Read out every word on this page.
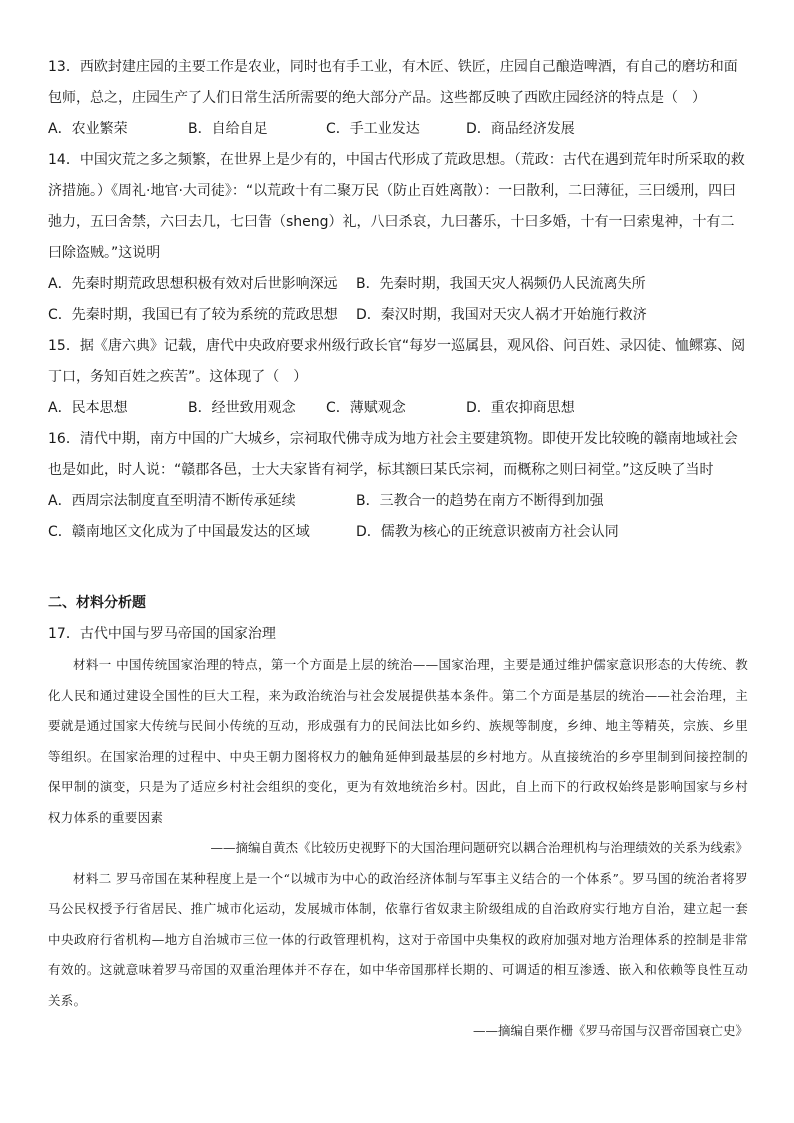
13．西欧封建庄园的主要工作是农业，同时也有手工业，有木匠、铁匠，庄园自己酿造啤酒，有自己的磨坊和面包师，总之，庄园生产了人们日常生活所需要的绝大部分产品。这些都反映了西欧庄园经济的特点是（　）

A．农业繁荣	B．自给自足	C．手工业发达	D．商品经济发展

14．中国灾荒之多之频繁，在世界上是少有的，中国古代形成了荒政思想。（荒政：古代在遇到荒年时所采取的救济措施。）《周礼·地官·大司徒》：“以荒政十有二聚万民（防止百姓离散）：一曰散利，二曰薄征，三曰缓刑，四曰弛力，五曰舍禁，六曰去几，七曰眚（sheng）礼，八曰杀哀，九曰蕃乐，十曰多婚，十有一曰索鬼神，十有二曰除盗贼。”这说明

A．先秦时期荒政思想积极有效对后世影响深远	B．先秦时期，我国天灾人祸频仍人民流离失所
C．先秦时期，我国已有了较为系统的荒政思想	D．秦汉时期，我国对天灾人祸才开始施行救济

15．据《唐六典》记载，唐代中央政府要求州级行政长官“每岁一巡属县，观风俗、问百姓、录囚徒、恤鳏寡、阅丁口，务知百姓之疾苦”。这体现了（　）

A．民本思想	B．经世致用观念	C．薄赋观念	D．重农抑商思想

16．清代中期，南方中国的广大城乡，宗祠取代佛寺成为地方社会主要建筑物。即使开发比较晚的赣南地域社会也是如此，时人说：“赣郡各邑，士大夫家皆有祠学，标其额曰某氏宗祠，而概称之则曰祠堂。”这反映了当时

A．西周宗法制度直至明清不断传承延续	B．三教合一的趋势在南方不断得到加强
C．赣南地区文化成为了中国最发达的区域	D．儒教为核心的正统意识被南方社会认同
二、材料分析题

17．古代中国与罗马帝国的国家治理

材料一 中国传统国家治理的特点，第一个方面是上层的统治——国家治理，主要是通过维护儒家意识形态的大传统、教化人民和通过建设全国性的巨大工程，来为政治统治与社会发展提供基本条件。第二个方面是基层的统治——社会治理，主要就是通过国家大传统与民间小传统的互动，形成强有力的民间法比如乡约、族规等制度，乡绅、地主等精英，宗族、乡里等组织。在国家治理的过程中、中央王朝力图将权力的触角延伸到最基层的乡村地方。从直接统治的乡亭里制到间接控制的保甲制的演变，只是为了适应乡村社会组织的变化，更为有效地统治乡村。因此，自上而下的行政权始终是影响国家与乡村权力体系的重要因素

——摘编自黄杰《比较历史视野下的大国治理问题研究以耦合治理机构与治理绩效的关系为线索》

材料二 罗马帝国在某种程度上是一个“以城市为中心的政治经济体制与军事主义结合的一个体系”。罗马国的统治者将罗马公民权授予行省居民、推广城市化运动，发展城市体制，依靠行省奴隶主阶级组成的自治政府实行地方自治，建立起一套中央政府行省机构—地方自治城市三位一体的行政管理机构，这对于帝国中央集权的政府加强对地方治理体系的控制是非常有效的。这就意味着罗马帝国的双重治理体并不存在，如中华帝国那样长期的、可调适的相互渗透、嵌入和依赖等良性互动关系。

——摘编自栗作栅《罗马帝国与汉晋帝国衰亡史》
